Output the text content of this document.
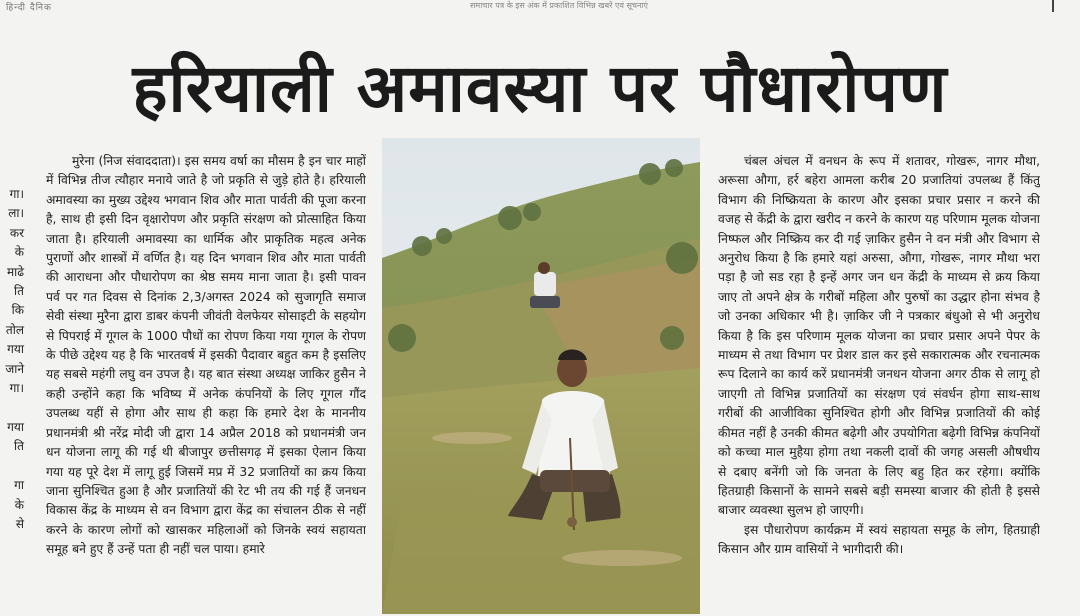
हिन्दी दैनिक	समाचार पत्र के इस अंक में प्रकाशित विभिन्न खबरें एवं सूचनाएं
हरियाली अमावस्या पर पौधारोपण
गा।
ला।
कर
के
माढे
ति
कि
तोल
गया
जाने
गा।

गया
ति

गा
के
से

मुरेना (निज संवाददाता)। इस समय वर्षा का मौसम है इन चार माहों में विभिन्न तीज त्यौहार मनाये जाते है जो प्रकृति से जुड़े होते है। हरियाली अमावस्या का मुख्य उद्देश्य भगवान शिव और माता पार्वती की पूजा करना है, साथ ही इसी दिन वृक्षारोपण और प्रकृति संरक्षण को प्रोत्साहित किया जाता है। हरियाली अमावस्या का धार्मिक और प्राकृतिक महत्व अनेक पुराणों और शास्त्रों में वर्णित है। यह दिन भगवान शिव और माता पार्वती की आराधना और पौधारोपण का श्रेष्ठ समय माना जाता है। इसी पावन पर्व पर गत दिवस से दिनांक 2,3/अगस्त 2024 को सुजागृति समाज सेवी संस्था मुरैना द्वारा डाबर कंपनी जीवंती वेलफेयर सोसाइटी के सहयोग से पिपराई में गूगल के 1000 पौधों का रोपण किया गया गूगल के रोपण के पीछे उद्देश्य यह है कि भारतवर्ष में इसकी पैदावार बहुत कम है इसलिए यह सबसे महंगी लघु वन उपज है। यह बात संस्था अध्यक्ष जाकिर हुसैन ने कही उन्होंने कहा कि भविष्य में अनेक कंपनियों के लिए गूगल गौंद उपलब्ध यहीं से होगा और साथ ही कहा कि हमारे देश के माननीय प्रधानमंत्री श्री नरेंद्र मोदी जी द्वारा 14 अप्रैल 2018 को प्रधानमंत्री जन धन योजना लागू की गई थी बीजापुर छत्तीसगढ़ में इसका ऐलान किया गया यह पूरे देश में लागू हुई जिसमें मप्र में 32 प्रजातियों का क्रय किया जाना सुनिश्चित हुआ है और प्रजातियों की रेट भी तय की गई हैं जनधन विकास केंद्र के माध्यम से वन विभाग द्वारा केंद्र का संचालन ठीक से नहीं करने के कारण लोगों को खासकर महिलाओं को जिनके स्वयं सहायता समूह बने हुए हैं उन्हें पता ही नहीं चल पाया। हमारे

चंबल अंचल में वनधन के रूप में शतावर, गोखरू, नागर मौथा, अरूसा औगा, हर्र बहेरा आमला करीब 20 प्रजातियां उपलब्ध हैं किंतु विभाग की निष्क्रियता के कारण और इसका प्रचार प्रसार न करने की वजह से केंद्री के द्वारा खरीद न करने के कारण यह परिणाम मूलक योजना निष्फल और निष्क्रिय कर दी गई ज़ाकिर हुसैन ने वन मंत्री और विभाग से अनुरोध किया है कि हमारे यहां अरुसा, औगा, गोखरू, नागर मौथा भरा पड़ा है जो सड रहा है इन्हें अगर जन धन केंद्री के माध्यम से क्रय किया जाए तो अपने क्षेत्र के गरीबों महिला और पुरुषों का उद्धार होना संभव है जो उनका अधिकार भी है। ज़ाकिर जी ने पत्रकार बंधुओ से भी अनुरोध किया है कि इस परिणाम मूलक योजना का प्रचार प्रसार अपने पेपर के माध्यम से तथा विभाग पर प्रेशर डाल कर इसे सकारात्मक और रचनात्मक रूप दिलाने का कार्य करें प्रधानमंत्री जनधन योजना अगर ठीक से लागू हो जाएगी तो विभिन्न प्रजातियों का संरक्षण एवं संवर्धन होगा साथ-साथ गरीबों की आजीविका सुनिश्चित होगी और विभिन्न प्रजातियों की कोई कीमत नहीं है उनकी कीमत बढ़ेगी और उपयोगिता बढ़ेगी विभिन्न कंपनियों को कच्चा माल मुहैया होगा तथा नकली दावों की जगह असली औषधीय से दबाए बनेंगी जो कि जनता के लिए बहु हित कर रहेगा। क्योंकि हितग्राही किसानों के सामने सबसे बड़ी समस्या बाजार की होती है इससे बाजार व्यवस्था सुलभ हो जाएगी।

इस पौधारोपण कार्यक्रम में स्वयं सहायता समूह के लोग, हितग्राही किसान और ग्राम वासियों ने भागीदारी की।
